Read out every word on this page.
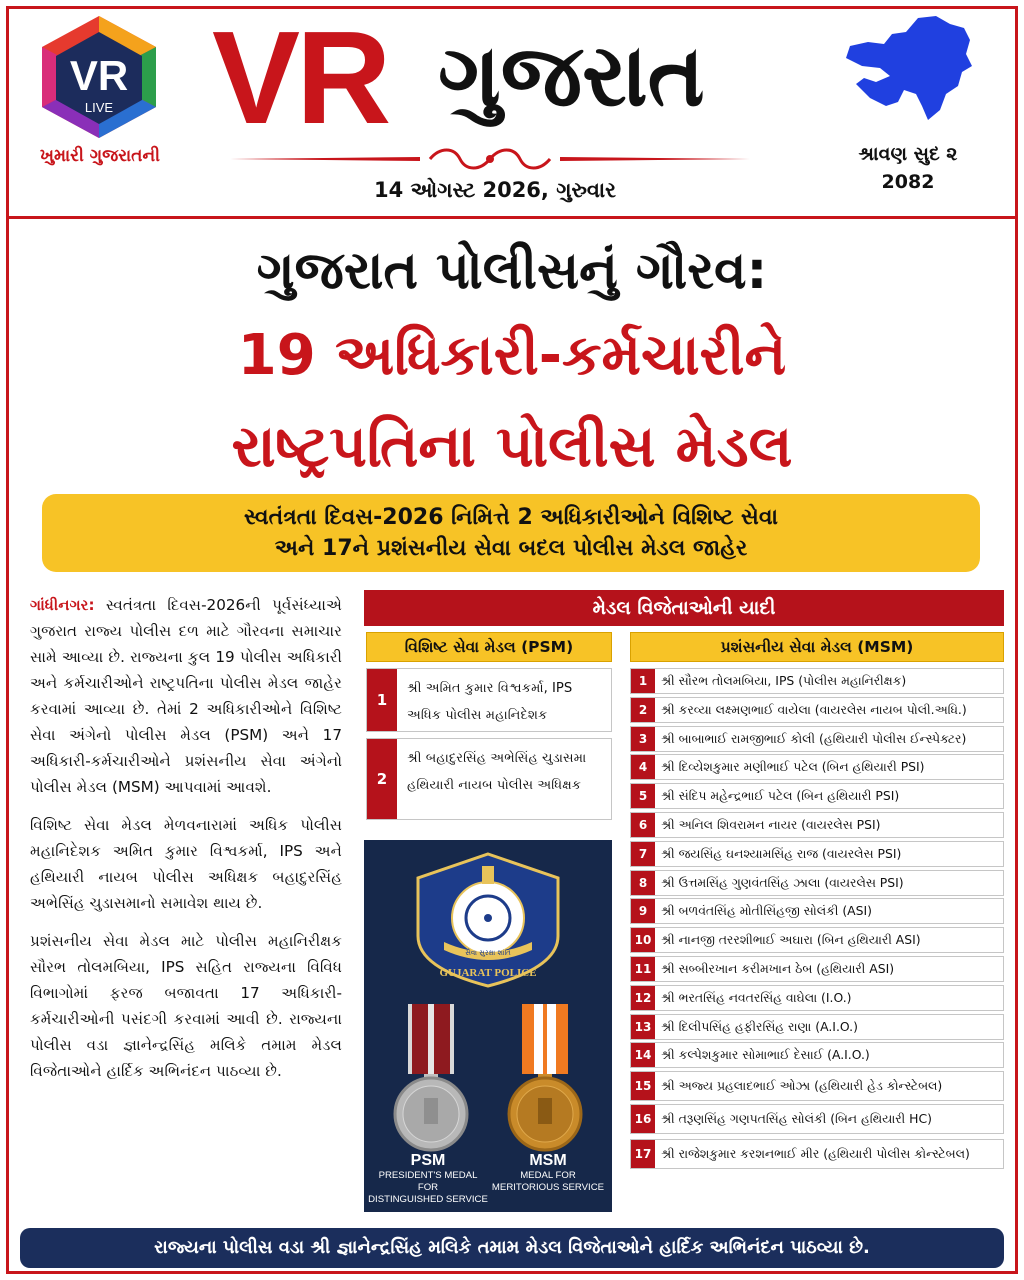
VR
LIVE
ખુમારી ગુજરાતની
VR ગુજરાત
14 ઓગસ્ટ 2026, ગુરુવાર
શ્રાવણ સુદ ૨
2082
ગુજરાત પોલીસનું ગૌરવ:
19 અધિકારી-કર્મચારીને
રાષ્ટ્રપતિના પોલીસ મેડલ
સ્વતંત્રતા દિવસ-2026 નિમિત્તે 2 અધિકારીઓને વિશિષ્ટ સેવા
અને 17ને પ્રશંસનીય સેવા બદલ પોલીસ મેડલ જાહેર

ગાંધીનગર: સ્વતંત્રતા દિવસ-2026ની પૂર્વસંધ્યાએ ગુજરાત રાજ્ય પોલીસ દળ માટે ગૌરવના સમાચાર સામે આવ્યા છે. રાજ્યના કુલ 19 પોલીસ અધિકારી અને કર્મચારીઓને રાષ્ટ્રપતિના પોલીસ મેડલ જાહેર કરવામાં આવ્યા છે. તેમાં 2 અધિકારીઓને વિશિષ્ટ સેવા અંગેનો પોલીસ મેડલ (PSM) અને 17 અધિકારી-કર્મચારીઓને પ્રશંસનીય સેવા અંગેનો પોલીસ મેડલ (MSM) આપવામાં આવશે.

વિશિષ્ટ સેવા મેડલ મેળવનારામાં અધિક પોલીસ મહાનિદેશક અમિત કુમાર વિશ્વકર્મા, IPS અને હથિયારી નાયબ પોલીસ અધિક્ષક બહાદુરસિંહ અભેસિંહ ચુડાસમાનો સમાવેશ થાય છે.

પ્રશંસનીય સેવા મેડલ માટે પોલીસ મહાનિરીક્ષક સૌરભ તોલમબિયા, IPS સહિત રાજ્યના વિવિધ વિભાગોમાં ફરજ બજાવતા 17 અધિકારી-કર્મચારીઓની પસંદગી કરવામાં આવી છે. રાજ્યના પોલીસ વડા જ્ઞાનેન્દ્રસિંહ મલિકે તમામ મેડલ વિજેતાઓને હાર્દિક અભિનંદન પાઠવ્યા છે.

મેડલ વિજેતાઓની યાદી
વિશિષ્ટ સેવા મેડલ (PSM)	પ્રશંસનીય સેવા મેડલ (MSM)
1
શ્રી અમિત કુમાર વિશ્વકર્મા, IPS
અધિક પોલીસ મહાનિદેશક
2
શ્રી બહાદુરસિંહ અભેસિંહ ચુડાસમા
હથિયારી નાયબ પોલીસ અધિક્ષક
1	શ્રી સૌરભ તોલમબિયા, IPS (પોલીસ મહાનિરીક્ષક)
2	શ્રી કરવ્યા લક્ષ્મણભાઈ વાયેલા (વાયરલેસ નાયબ પોલી.અધિ.)
3	શ્રી બાબાભાઈ રામજીભાઈ કોલી (હથિયારી પોલીસ ઈન્સ્પેક્ટર)
4	શ્રી દિવ્યેશકુમાર મણીભાઈ પટેલ (બિન હથિયારી PSI)
5	શ્રી સંદિપ મહેન્દ્રભાઈ પટેલ (બિન હથિયારી PSI)
6	શ્રી અનિલ શિવરામન નાયર (વાયરલેસ PSI)
7	શ્રી જયસિંહ ઘનશ્યામસિંહ રાજ (વાયરલેસ PSI)
8	શ્રી ઉત્તમસિંહ ગુણવંતસિંહ ઝાલા (વાયરલેસ PSI)
9	શ્રી બળવંતસિંહ મોતીસિંહજી સોલંકી (ASI)
10 શ્રી નાનજી તરરશીભાઈ અઘારા (બિન હથિયારી ASI)
11 શ્રી સબ્બીરખાન કરીમખાન ઠેબ (હથિયારી ASI)
12 શ્રી ભરતસિંહ નવતરસિંહ વાઘેલા (I.O.)
13 શ્રી દિલીપસિંહ હફીરસિંહ રાણા (A.I.O.)
14 શ્રી કલ્પેશકુમાર સોમાભાઈ દેસાઈ (A.I.O.)
15 શ્રી અજ્ય પ્રહલાદભાઈ ઓઝા (હથિયારી હેડ કોન્સ્ટેબલ)
16 શ્રી તરૂણસિંહ ગણપતસિંહ સોલંકી (બિન હથિયારી HC)
17 શ્રી રાજેશકુમાર કરશનભાઈ મીર (હથિયારી પોલીસ કોન્સ્ટેબલ)
સેવા સુરક્ષા શાંતિ
GUJARAT POLICE
PSM
PRESIDENT'S MEDAL FOR
DISTINGUISHED SERVICE
MSM
MEDAL FOR
MERITORIOUS SERVICE
રાજ્યના પોલીસ વડા શ્રી જ્ઞાનેન્દ્રસિંહ મલિકે તમામ મેડલ વિજેતાઓને હાર્દિક અભિનંદન પાઠવ્યા છે.
